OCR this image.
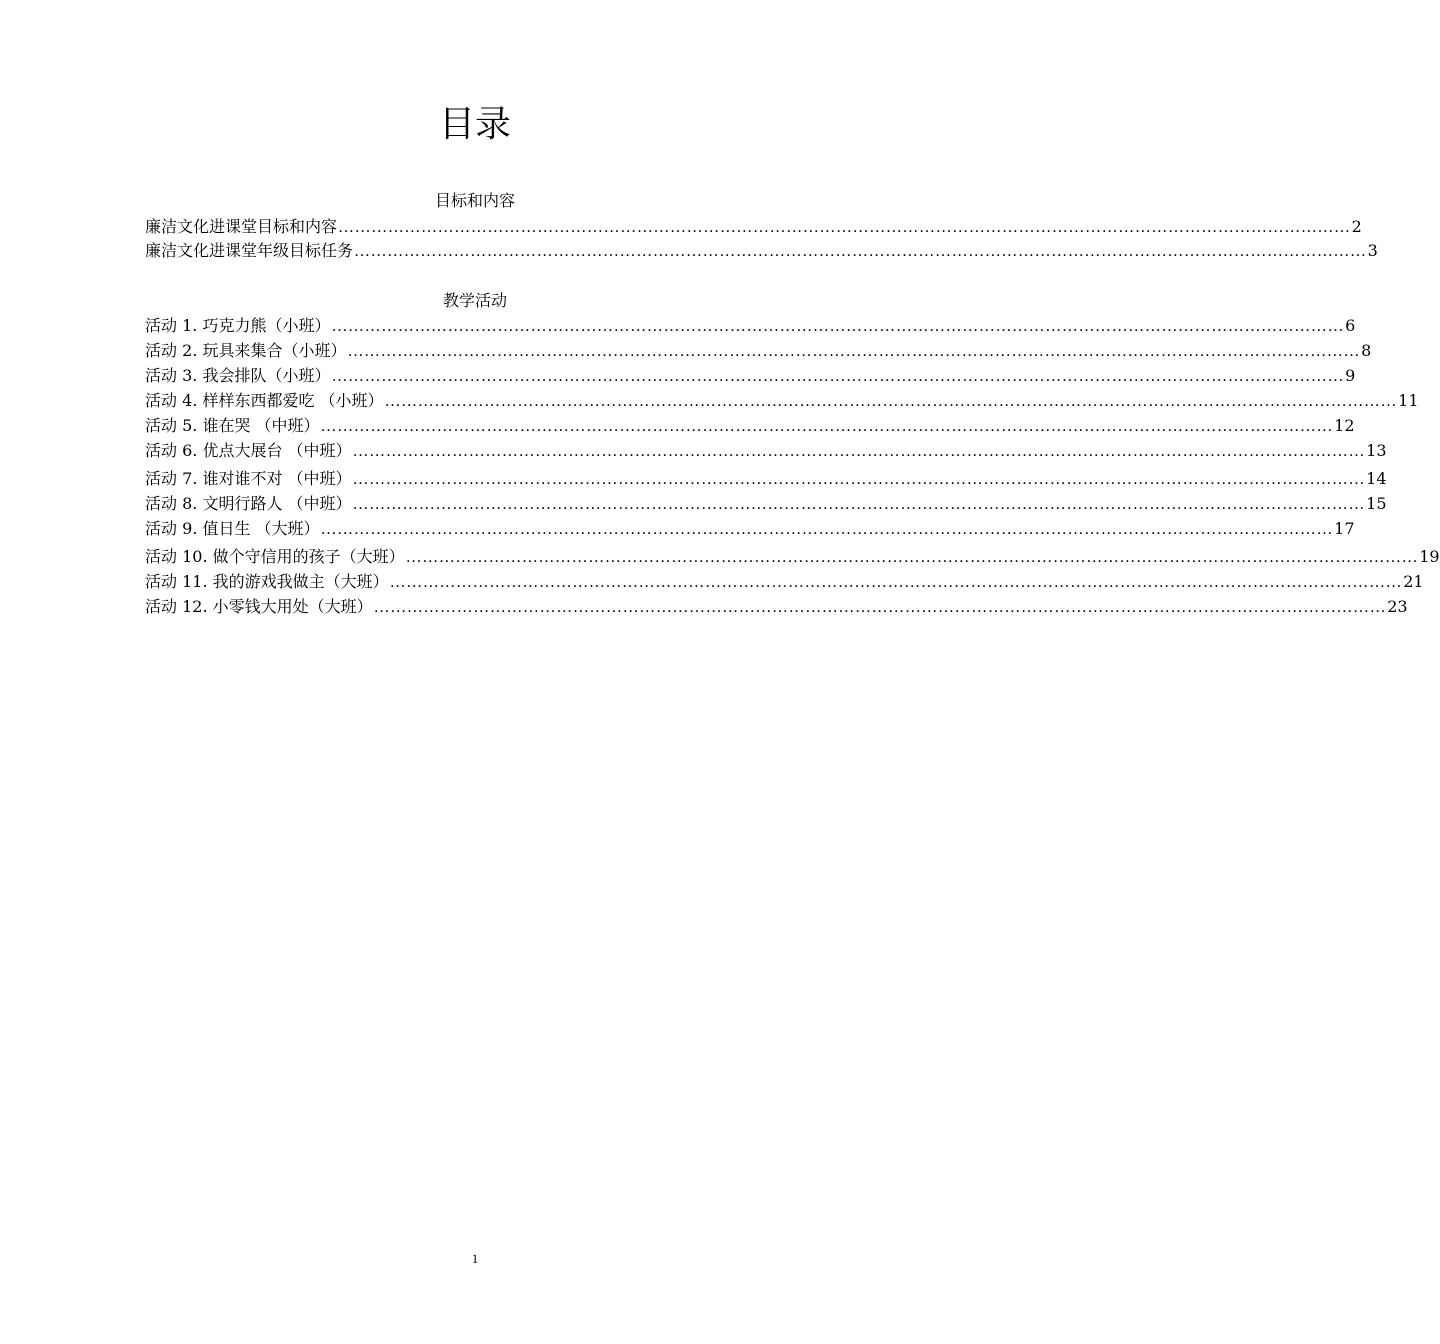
目录
目标和内容
廉洁文化进课堂目标和内容 ………………………………………………………………………………………………………………………………………………………………… 2
廉洁文化进课堂年级目标任务 ………………………………………………………………………………………………………………………………………………………………… 3
教学活动
活动 1. 巧克力熊（小班） ………………………………………………………………………………………………………………………………………………………………… 6
活动 2. 玩具来集合（小班） ………………………………………………………………………………………………………………………………………………………………… 8
活动 3. 我会排队（小班） ………………………………………………………………………………………………………………………………………………………………… 9
活动 4. 样样东西都爱吃 （小班） ………………………………………………………………………………………………………………………………………………………………… 11
活动 5. 谁在哭 （中班） ………………………………………………………………………………………………………………………………………………………………… 12
活动 6. 优点大展台 （中班） ………………………………………………………………………………………………………………………………………………………………… 13
活动 7. 谁对谁不对 （中班） ………………………………………………………………………………………………………………………………………………………………… 14
活动 8. 文明行路人 （中班） ………………………………………………………………………………………………………………………………………………………………… 15
活动 9. 值日生 （大班） ………………………………………………………………………………………………………………………………………………………………… 17
活动 10. 做个守信用的孩子（大班） ………………………………………………………………………………………………………………………………………………………………… 19
活动 11. 我的游戏我做主（大班） ………………………………………………………………………………………………………………………………………………………………… 21
活动 12. 小零钱大用处（大班） ………………………………………………………………………………………………………………………………………………………………… 23
1
